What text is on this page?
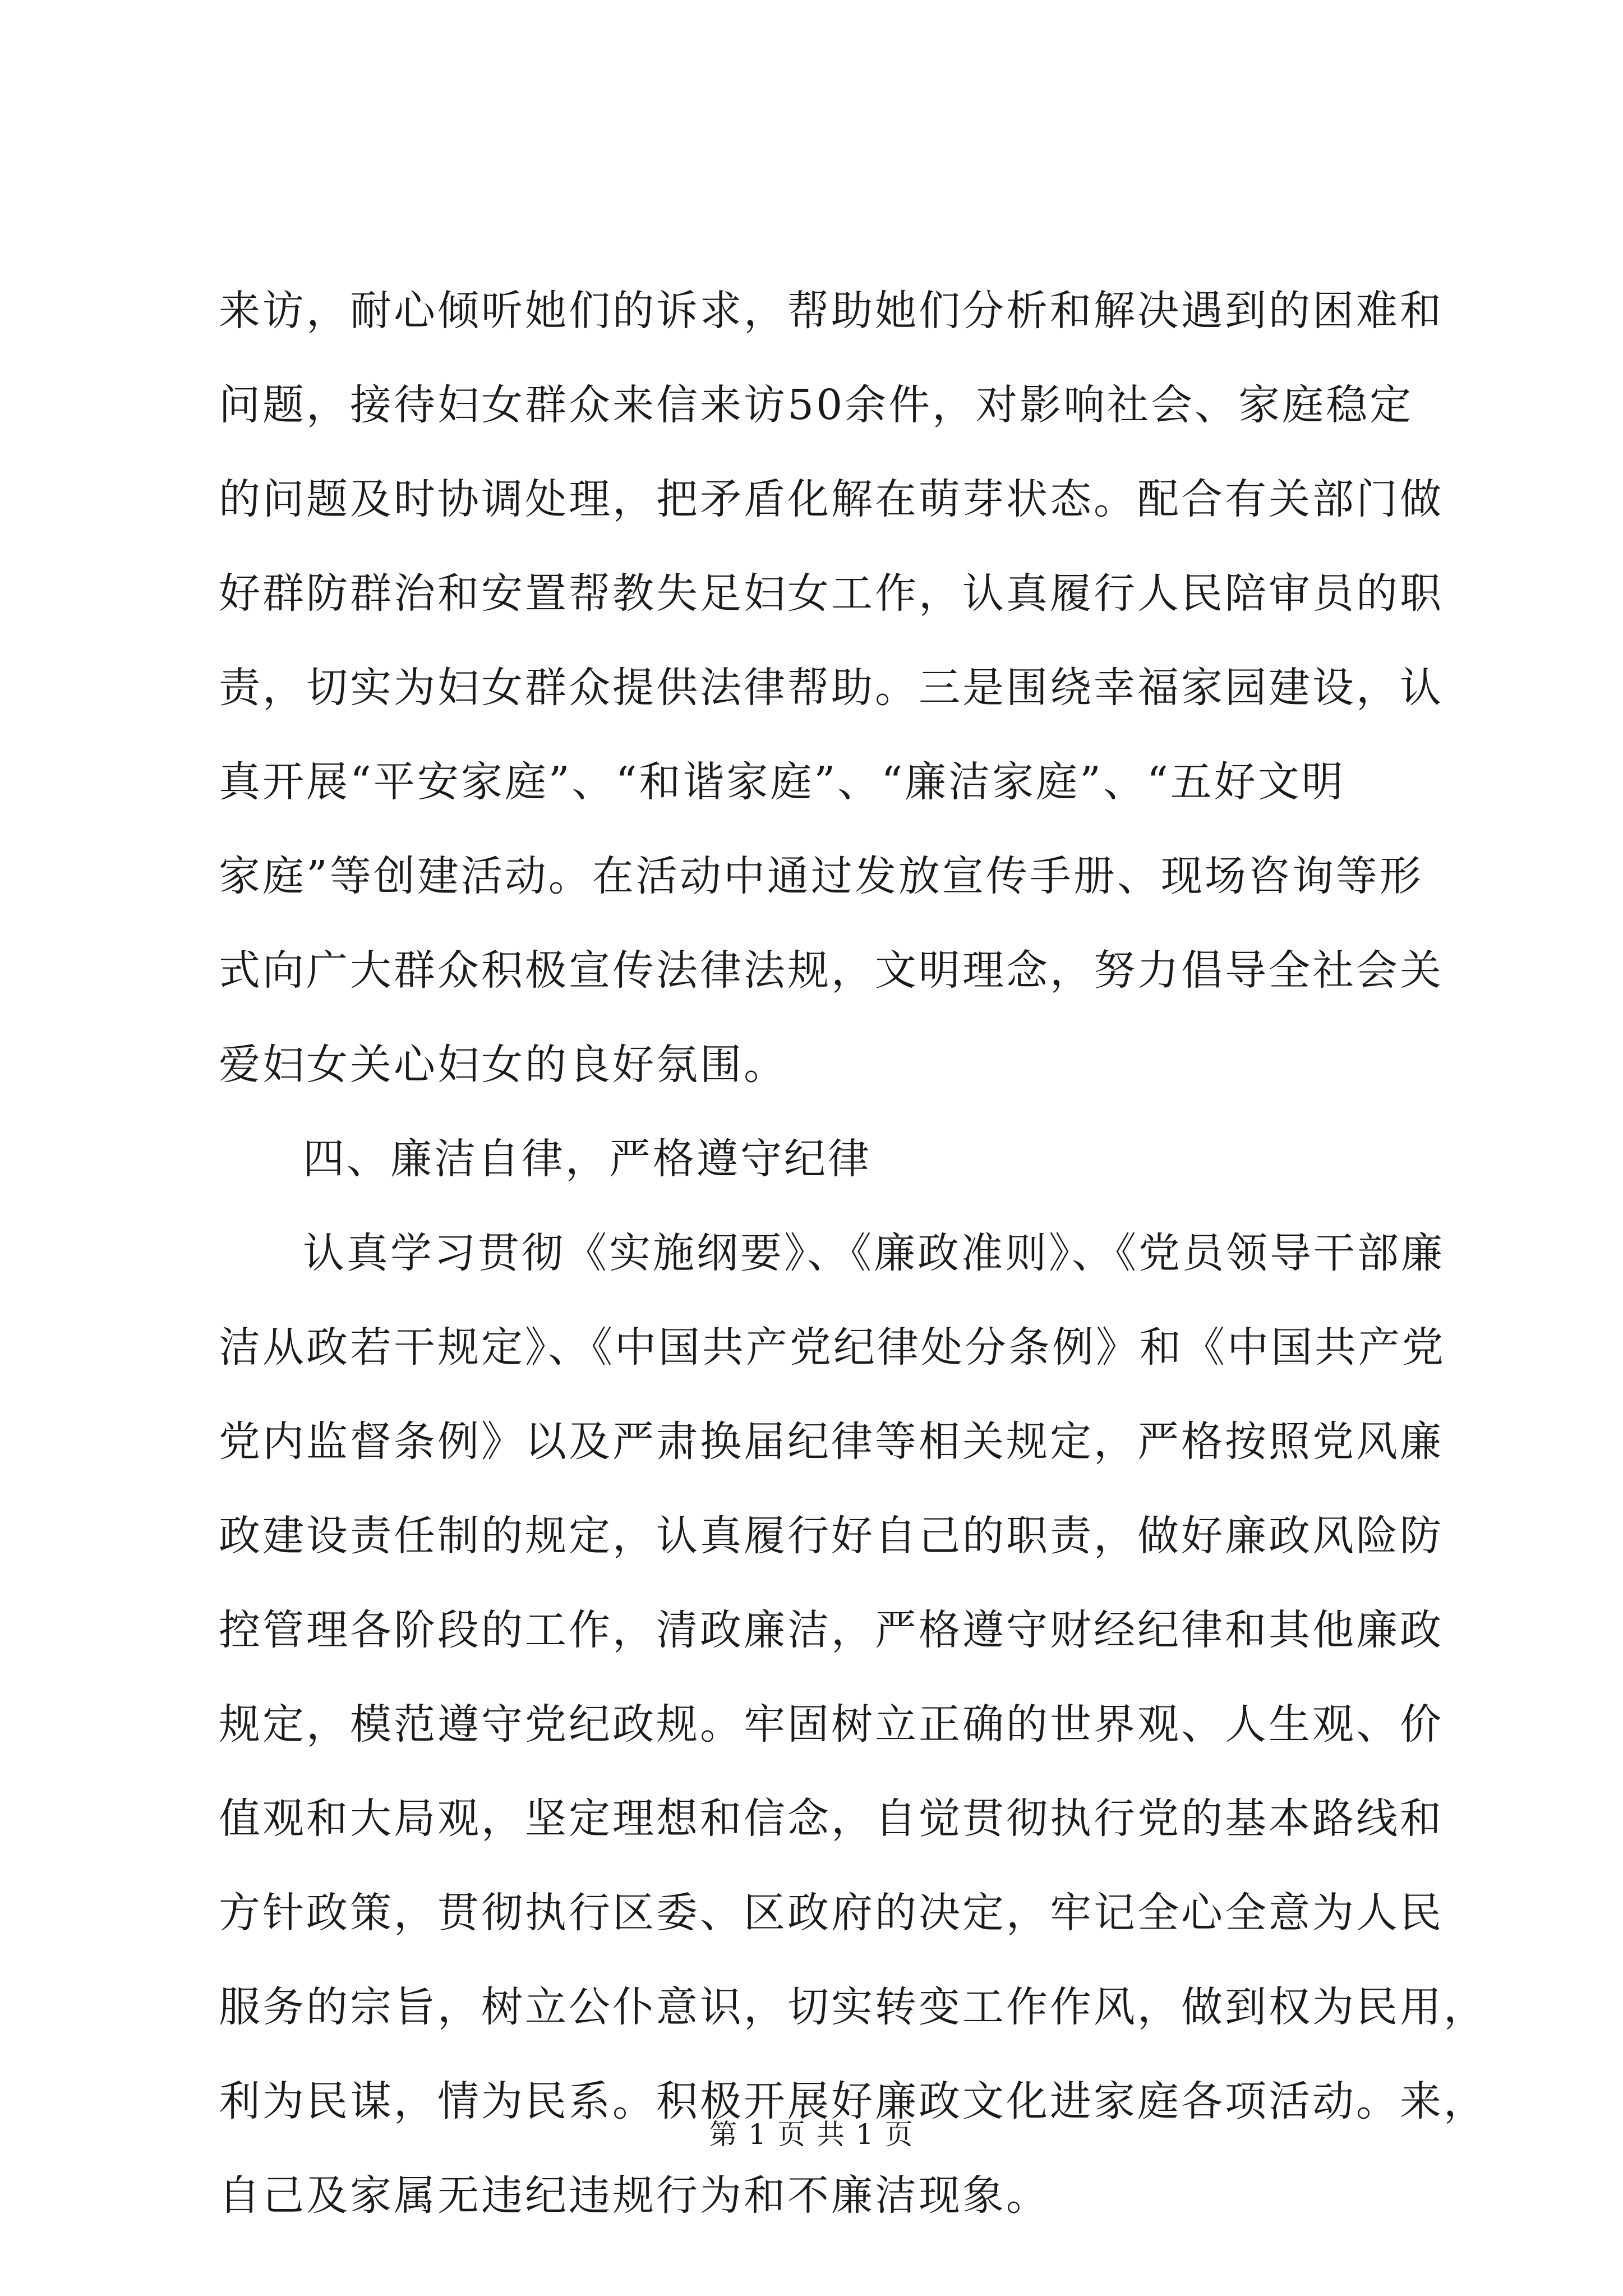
来访，耐心倾听她们的诉求，帮助她们分析和解决遇到的困难和
问题，接待妇女群众来信来访50余件，对影响社会、家庭稳定
的问题及时协调处理，把矛盾化解在萌芽状态。配合有关部门做
好群防群治和安置帮教失足妇女工作，认真履行人民陪审员的职
责，切实为妇女群众提供法律帮助。三是围绕幸福家园建设，认
真开展“平安家庭”、“和谐家庭”、“廉洁家庭”、“五好文明
家庭”等创建活动。在活动中通过发放宣传手册、现场咨询等形
式向广大群众积极宣传法律法规，文明理念，努力倡导全社会关
爱妇女关心妇女的良好氛围。
四、廉洁自律，严格遵守纪律
认真学习贯彻《实施纲要》、《廉政准则》、《党员领导干部廉
洁从政若干规定》、《中国共产党纪律处分条例》和《中国共产党
党内监督条例》以及严肃换届纪律等相关规定，严格按照党风廉
政建设责任制的规定，认真履行好自己的职责，做好廉政风险防
控管理各阶段的工作，清政廉洁，严格遵守财经纪律和其他廉政
规定，模范遵守党纪政规。牢固树立正确的世界观、人生观、价
值观和大局观，坚定理想和信念，自觉贯彻执行党的基本路线和
方针政策，贯彻执行区委、区政府的决定，牢记全心全意为人民
服务的宗旨，树立公仆意识，切实转变工作作风，做到权为民用，
利为民谋，情为民系。积极开展好廉政文化进家庭各项活动。来，
自己及家属无违纪违规行为和不廉洁现象。
第 1 页 共 1 页
